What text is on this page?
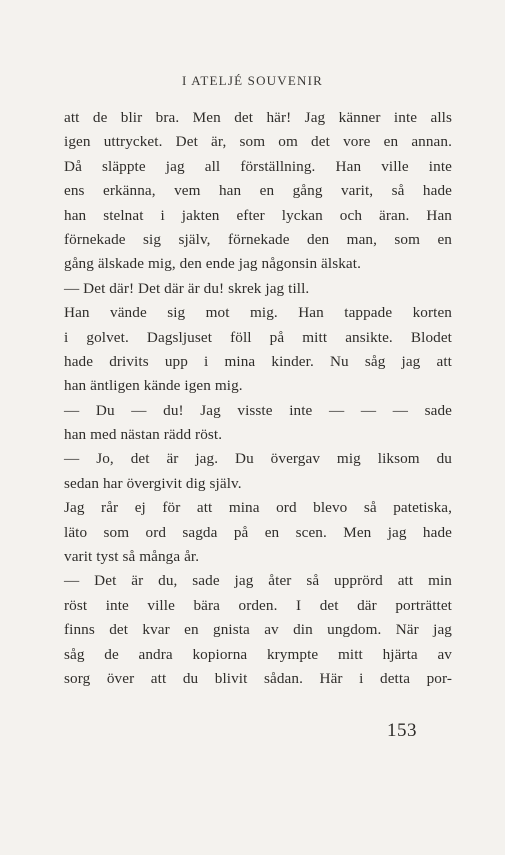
I ATELJÉ SOUVENIR
att de blir bra. Men det här! Jag känner inte alls
igen uttrycket. Det är, som om det vore en annan.
Då släppte jag all förställning. Han ville inte
ens erkänna, vem han en gång varit, så hade
han stelnat i jakten efter lyckan och äran. Han
förnekade sig själv, förnekade den man, som en
gång älskade mig, den ende jag någonsin älskat.
— Det där! Det där är du! skrek jag till.
Han vände sig mot mig. Han tappade korten
i golvet. Dagsljuset föll på mitt ansikte. Blodet
hade drivits upp i mina kinder. Nu såg jag att
han äntligen kände igen mig.
— Du — du! Jag visste inte — — — sade
han med nästan rädd röst.
— Jo, det är jag. Du övergav mig liksom du
sedan har övergivit dig själv.
Jag rår ej för att mina ord blevo så patetiska,
läto som ord sagda på en scen. Men jag hade
varit tyst så många år.
— Det är du, sade jag åter så upprörd att min
röst inte ville bära orden. I det där porträttet
finns det kvar en gnista av din ungdom. När jag
såg de andra kopiorna krympte mitt hjärta av
sorg över att du blivit sådan. Här i detta por-
153
